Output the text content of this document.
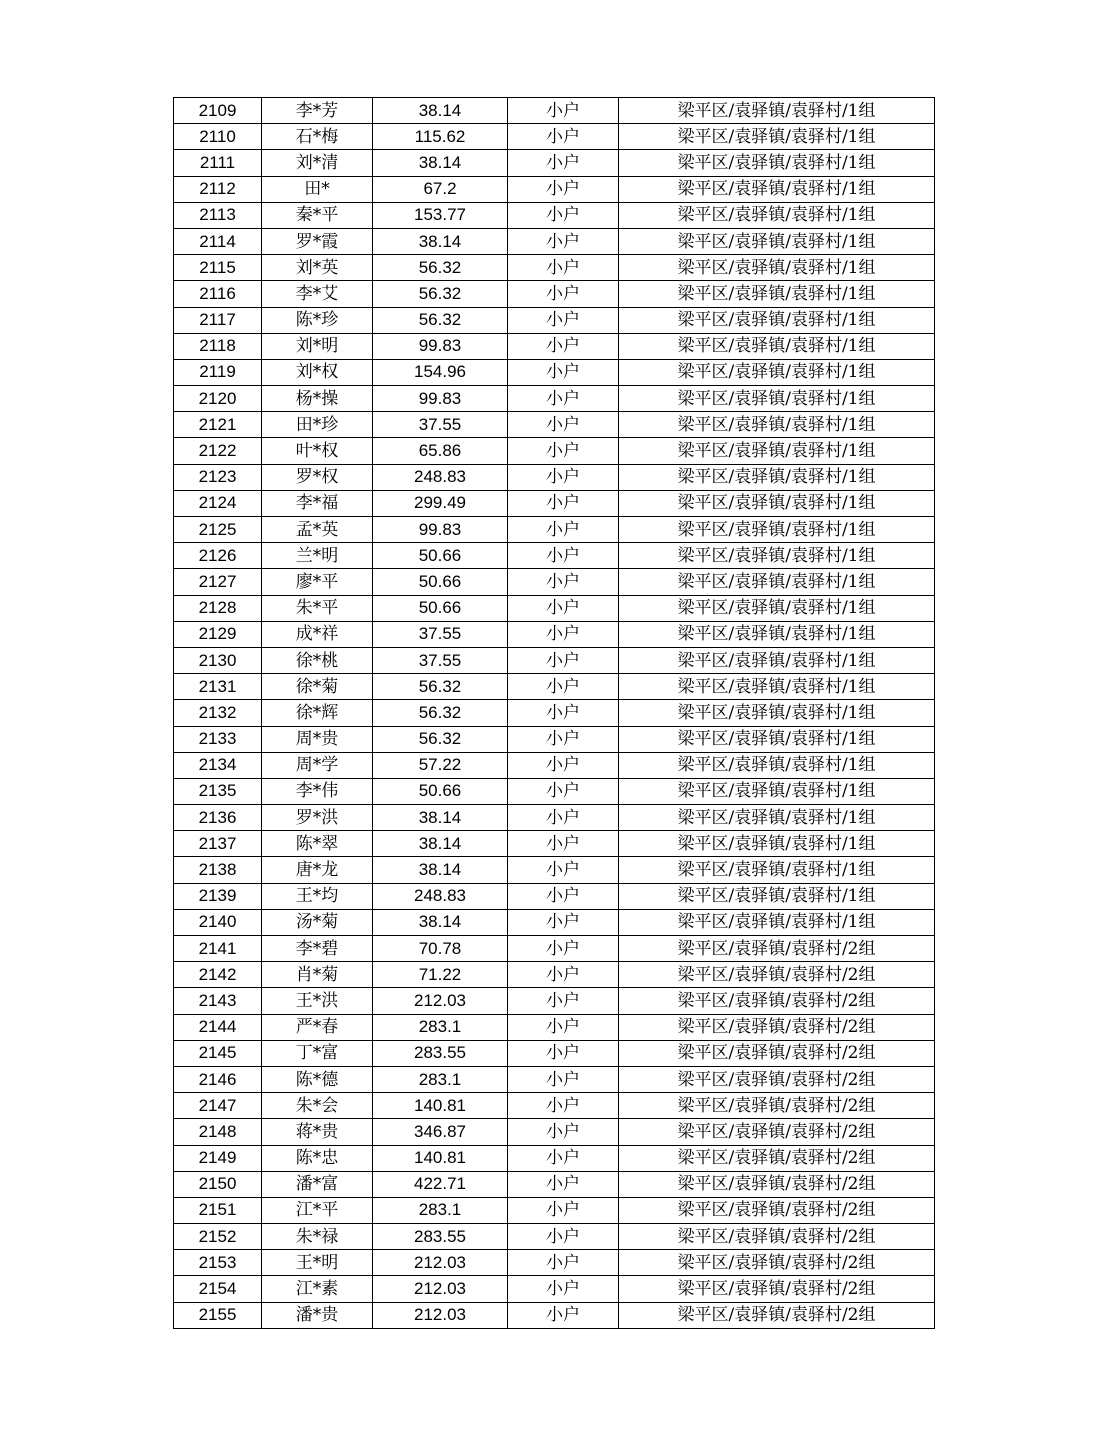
2109	李*芳	38.14	小户	梁平区/袁驿镇/袁驿村/1组
2110	石*梅	115.62	小户	梁平区/袁驿镇/袁驿村/1组
2111	刘*清	38.14	小户	梁平区/袁驿镇/袁驿村/1组
2112	田*	67.2	小户	梁平区/袁驿镇/袁驿村/1组
2113	秦*平	153.77	小户	梁平区/袁驿镇/袁驿村/1组
2114	罗*霞	38.14	小户	梁平区/袁驿镇/袁驿村/1组
2115	刘*英	56.32	小户	梁平区/袁驿镇/袁驿村/1组
2116	李*艾	56.32	小户	梁平区/袁驿镇/袁驿村/1组
2117	陈*珍	56.32	小户	梁平区/袁驿镇/袁驿村/1组
2118	刘*明	99.83	小户	梁平区/袁驿镇/袁驿村/1组
2119	刘*权	154.96	小户	梁平区/袁驿镇/袁驿村/1组
2120	杨*操	99.83	小户	梁平区/袁驿镇/袁驿村/1组
2121	田*珍	37.55	小户	梁平区/袁驿镇/袁驿村/1组
2122	叶*权	65.86	小户	梁平区/袁驿镇/袁驿村/1组
2123	罗*权	248.83	小户	梁平区/袁驿镇/袁驿村/1组
2124	李*福	299.49	小户	梁平区/袁驿镇/袁驿村/1组
2125	孟*英	99.83	小户	梁平区/袁驿镇/袁驿村/1组
2126	兰*明	50.66	小户	梁平区/袁驿镇/袁驿村/1组
2127	廖*平	50.66	小户	梁平区/袁驿镇/袁驿村/1组
2128	朱*平	50.66	小户	梁平区/袁驿镇/袁驿村/1组
2129	成*祥	37.55	小户	梁平区/袁驿镇/袁驿村/1组
2130	徐*桃	37.55	小户	梁平区/袁驿镇/袁驿村/1组
2131	徐*菊	56.32	小户	梁平区/袁驿镇/袁驿村/1组
2132	徐*辉	56.32	小户	梁平区/袁驿镇/袁驿村/1组
2133	周*贵	56.32	小户	梁平区/袁驿镇/袁驿村/1组
2134	周*学	57.22	小户	梁平区/袁驿镇/袁驿村/1组
2135	李*伟	50.66	小户	梁平区/袁驿镇/袁驿村/1组
2136	罗*洪	38.14	小户	梁平区/袁驿镇/袁驿村/1组
2137	陈*翠	38.14	小户	梁平区/袁驿镇/袁驿村/1组
2138	唐*龙	38.14	小户	梁平区/袁驿镇/袁驿村/1组
2139	王*均	248.83	小户	梁平区/袁驿镇/袁驿村/1组
2140	汤*菊	38.14	小户	梁平区/袁驿镇/袁驿村/1组
2141	李*碧	70.78	小户	梁平区/袁驿镇/袁驿村/2组
2142	肖*菊	71.22	小户	梁平区/袁驿镇/袁驿村/2组
2143	王*洪	212.03	小户	梁平区/袁驿镇/袁驿村/2组
2144	严*春	283.1	小户	梁平区/袁驿镇/袁驿村/2组
2145	丁*富	283.55	小户	梁平区/袁驿镇/袁驿村/2组
2146	陈*德	283.1	小户	梁平区/袁驿镇/袁驿村/2组
2147	朱*会	140.81	小户	梁平区/袁驿镇/袁驿村/2组
2148	蒋*贵	346.87	小户	梁平区/袁驿镇/袁驿村/2组
2149	陈*忠	140.81	小户	梁平区/袁驿镇/袁驿村/2组
2150	潘*富	422.71	小户	梁平区/袁驿镇/袁驿村/2组
2151	江*平	283.1	小户	梁平区/袁驿镇/袁驿村/2组
2152	朱*禄	283.55	小户	梁平区/袁驿镇/袁驿村/2组
2153	王*明	212.03	小户	梁平区/袁驿镇/袁驿村/2组
2154	江*素	212.03	小户	梁平区/袁驿镇/袁驿村/2组
2155	潘*贵	212.03	小户	梁平区/袁驿镇/袁驿村/2组
